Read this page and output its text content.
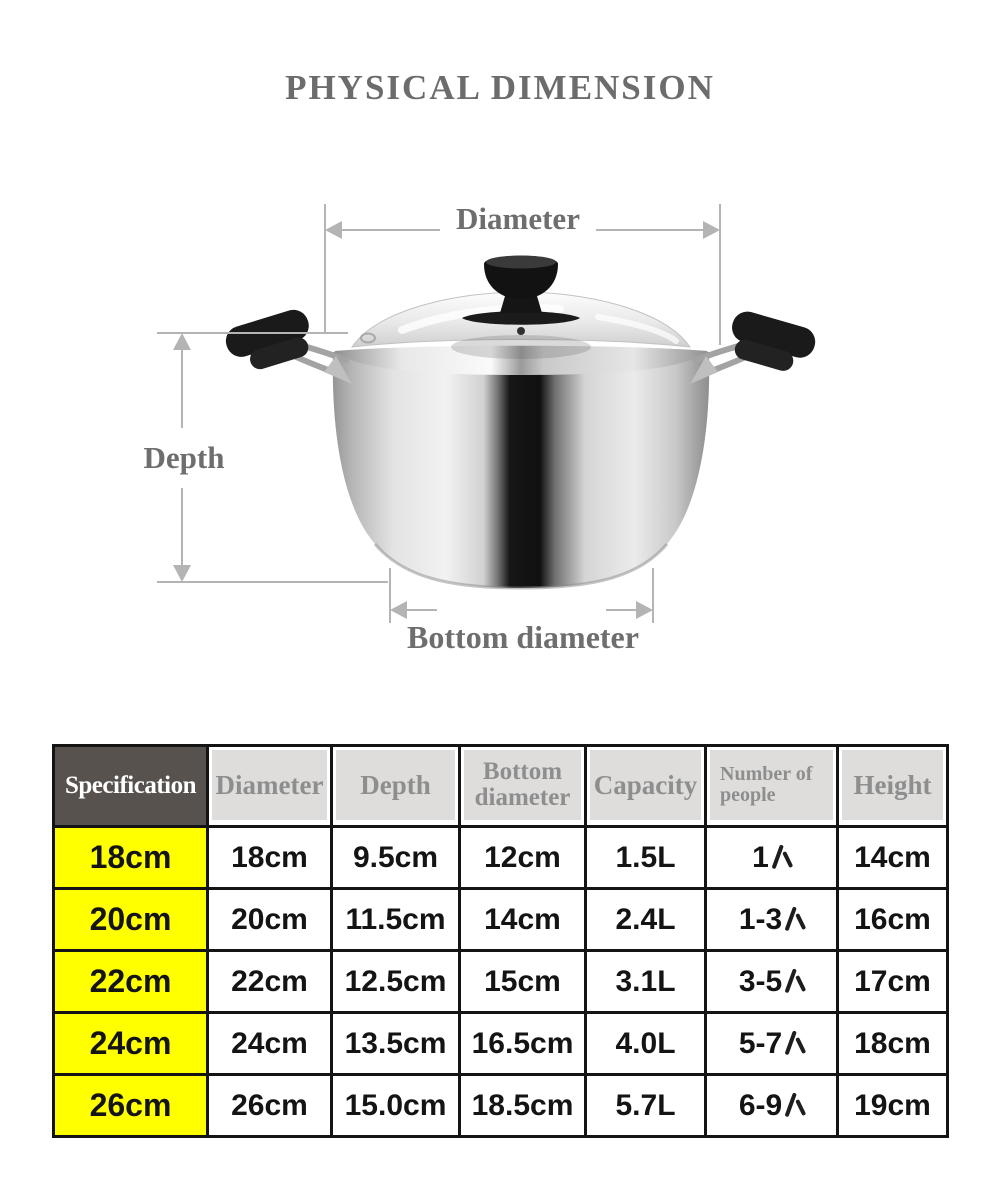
PHYSICAL DIMENSION
Diameter
Depth
Bottom diameter
Specification	Diameter	Depth	Bottom diameter	Capacity	Number of people	Height

18cm	18cm	9.5cm	12cm	1.5L	1	14cm
20cm	20cm	11.5cm	14cm	2.4L	1-3	16cm
22cm	22cm	12.5cm	15cm	3.1L	3-5	17cm
24cm	24cm	13.5cm	16.5cm	4.0L	5-7	18cm
26cm	26cm	15.0cm	18.5cm	5.7L	6-9	19cm
